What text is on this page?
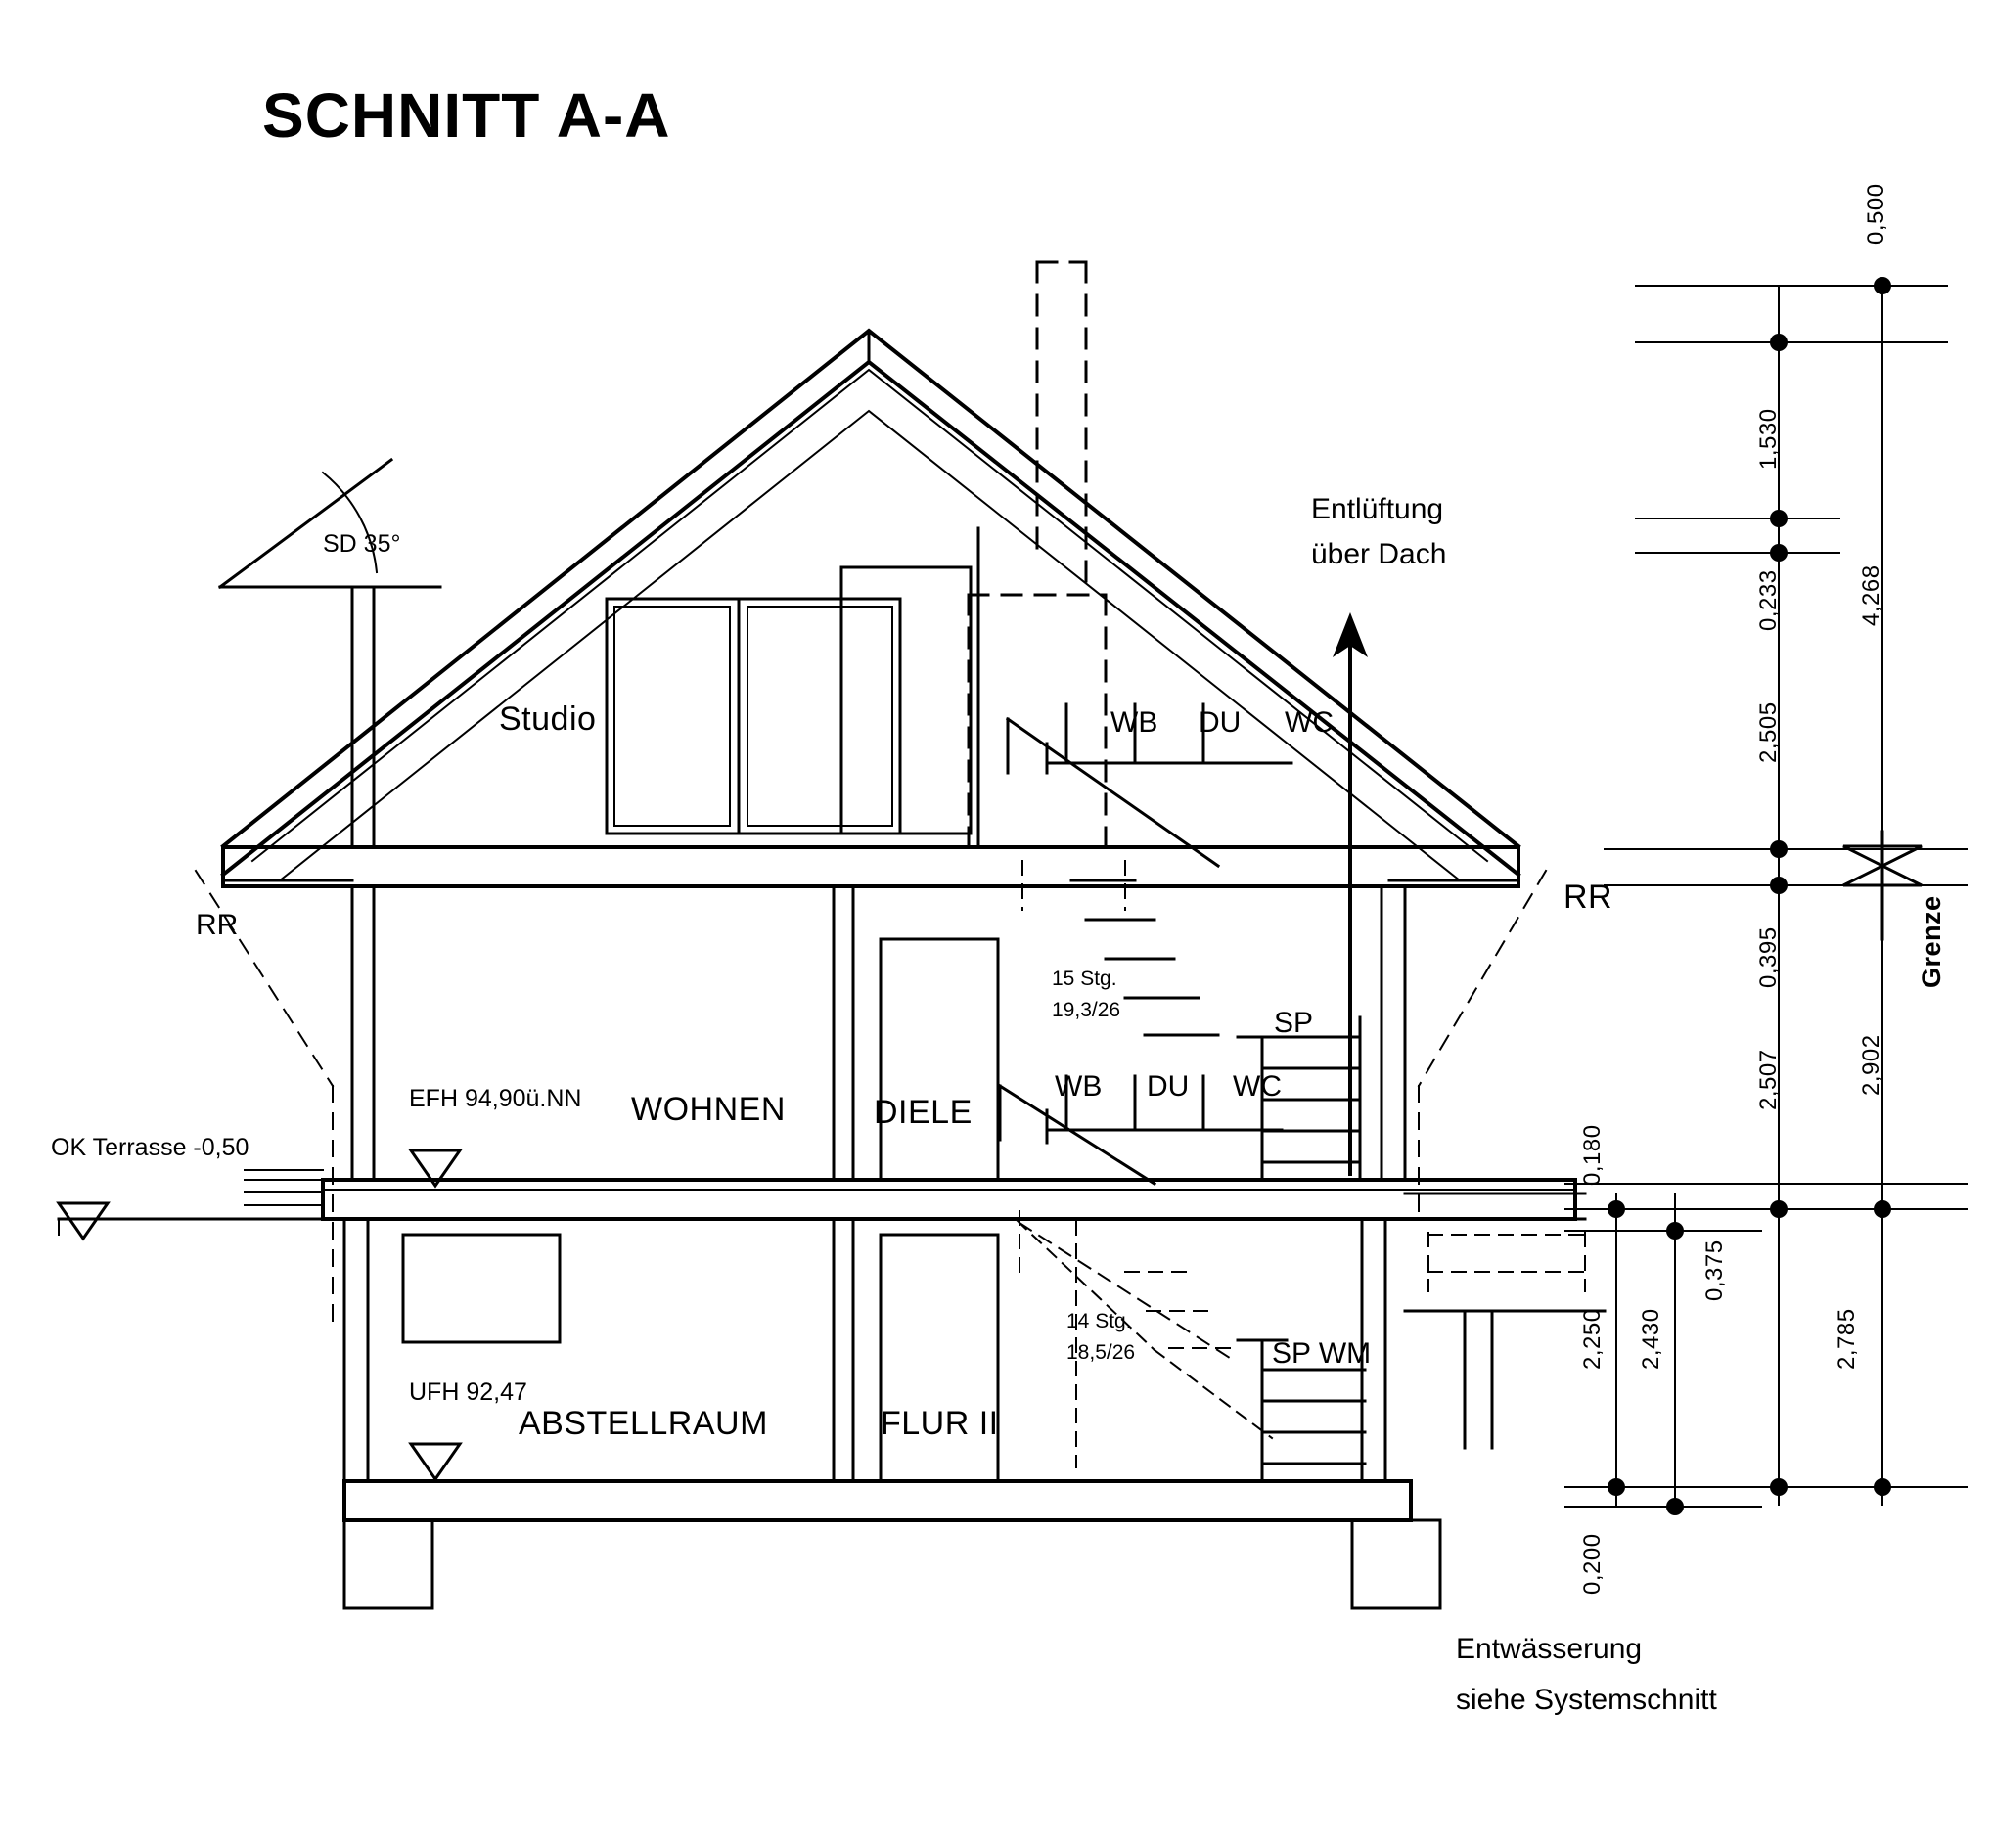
SCHNITT A-A
SD 35°
Studio
Entlüftung
über Dach
WB DU WC
RR
RR
15 Stg.
19,3/26	SP
EFH 94,90ü.NN WOHNEN	DIELE
WB DU WC
OK Terrasse -0,50
14 Stg.
18,5/26	SP WM
UFH 92,47
ABSTELLRAUM	FLUR II
Entwässerung
siehe Systemschnitt
0,500
1,530
0,233
2,505
0,395
2,507
4,268
2,902
Grenze
0,180
0,375
2,250 2,430	2,785
0,200
